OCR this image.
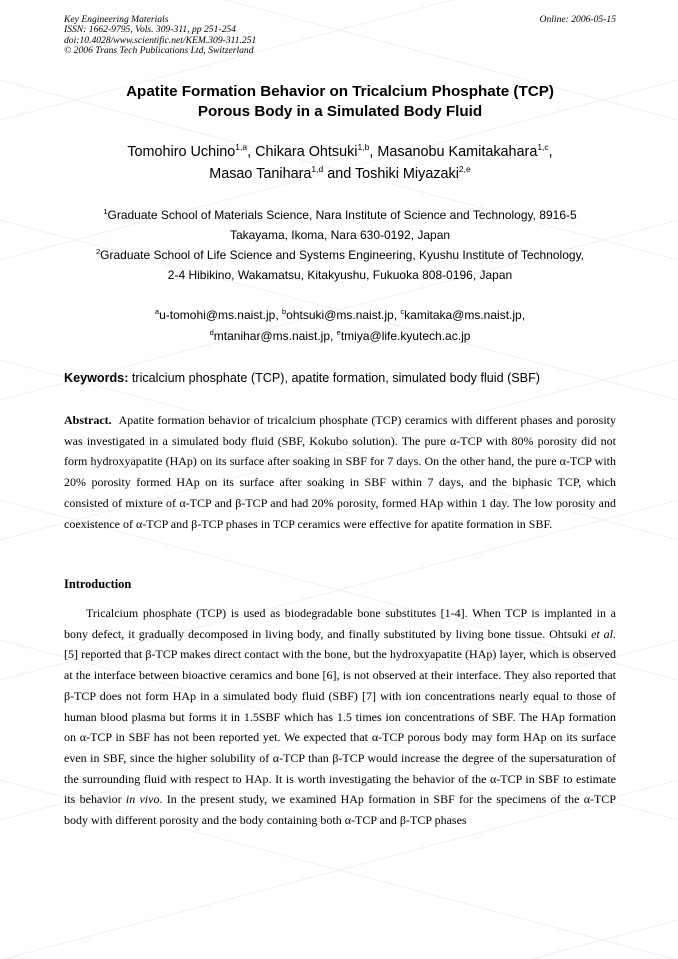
Key Engineering Materials
ISSN: 1662-9795, Vols. 309-311, pp 251-254
doi:10.4028/www.scientific.net/KEM.309-311.251
© 2006 Trans Tech Publications Ltd, Switzerland
Online: 2006-05-15
Apatite Formation Behavior on Tricalcium Phosphate (TCP)
Porous Body in a Simulated Body Fluid
Tomohiro Uchino$^{1,a}$, Chikara Ohtsuki$^{1,b}$, Masanobu Kamitakahara$^{1,c}$,
Masao Tanihara$^{1,d}$ and Toshiki Miyazaki$^{2,e}$
$^1$Graduate School of Materials Science, Nara Institute of Science and Technology, 8916-5
Takayama, Ikoma, Nara 630-0192, Japan
$^2$Graduate School of Life Science and Systems Engineering, Kyushu Institute of Technology,
2-4 Hibikino, Wakamatsu, Kitakyushu, Fukuoka 808-0196, Japan
$^a$u-tomohi@ms.naist.jp, $^b$ohtsuki@ms.naist.jp, $^c$kamitaka@ms.naist.jp,
$^d$mtanihar@ms.naist.jp, $^e$tmiya@life.kyutech.ac.jp
Keywords: tricalcium phosphate (TCP), apatite formation, simulated body fluid (SBF)
Abstract.  Apatite formation behavior of tricalcium phosphate (TCP) ceramics with different phases and porosity was investigated in a simulated body fluid (SBF, Kokubo solution). The pure α-TCP with 80% porosity did not form hydroxyapatite (HAp) on its surface after soaking in SBF for 7 days. On the other hand, the pure α-TCP with 20% porosity formed HAp on its surface after soaking in SBF within 7 days, and the biphasic TCP, which consisted of mixture of α-TCP and β-TCP and had 20% porosity, formed HAp within 1 day. The low porosity and coexistence of α-TCP and β-TCP phases in TCP ceramics were effective for apatite formation in SBF.
Introduction
Tricalcium phosphate (TCP) is used as biodegradable bone substitutes [1-4]. When TCP is implanted in a bony defect, it gradually decomposed in living body, and finally substituted by living bone tissue. Ohtsuki et al. [5] reported that β-TCP makes direct contact with the bone, but the hydroxyapatite (HAp) layer, which is observed at the interface between bioactive ceramics and bone [6], is not observed at their interface. They also reported that β-TCP does not form HAp in a simulated body fluid (SBF) [7] with ion concentrations nearly equal to those of human blood plasma but forms it in 1.5SBF which has 1.5 times ion concentrations of SBF. The HAp formation on α-TCP in SBF has not been reported yet. We expected that α-TCP porous body may form HAp on its surface even in SBF, since the higher solubility of α-TCP than β-TCP would increase the degree of the supersaturation of the surrounding fluid with respect to HAp. It is worth investigating the behavior of the α-TCP in SBF to estimate its behavior in vivo. In the present study, we examined HAp formation in SBF for the specimens of the α-TCP body with different porosity and the body containing both α-TCP and β-TCP phases
